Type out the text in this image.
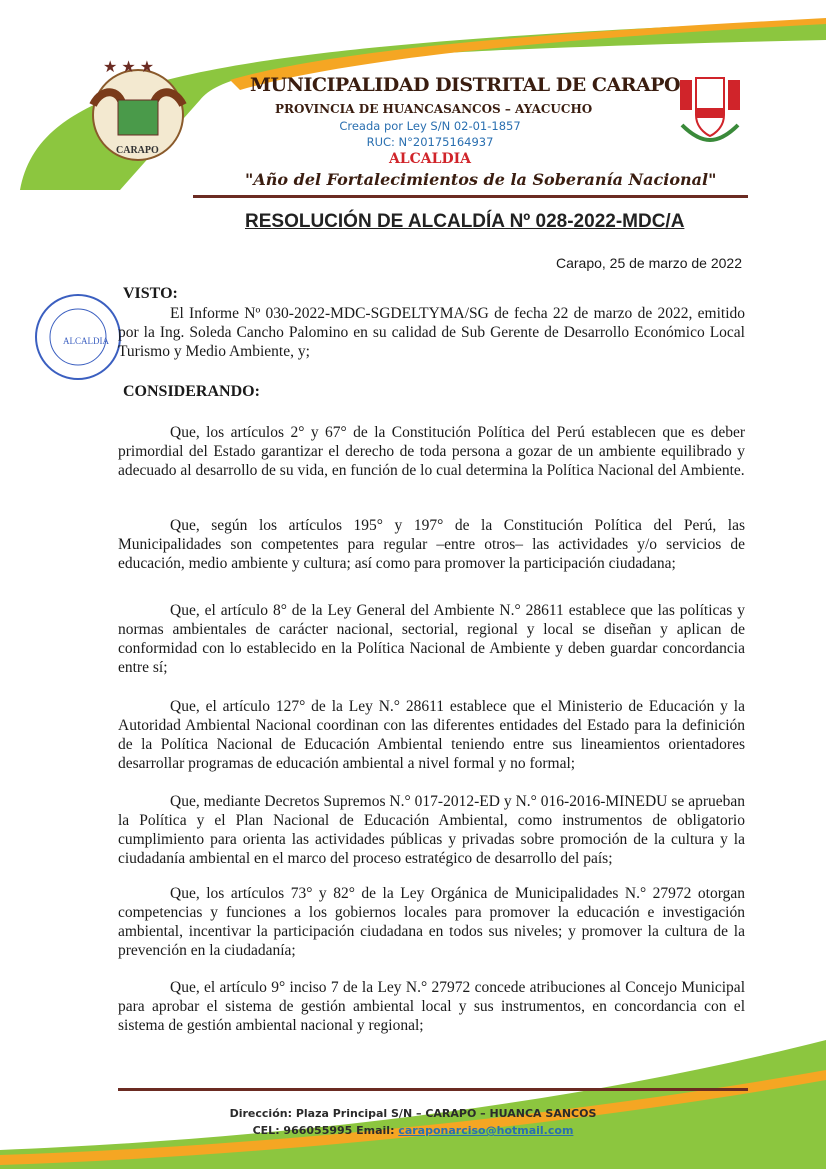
★ ★ ★
CARAPO
MUNICIPALIDAD DISTRITAL DE CARAPO
PROVINCIA DE HUANCASANCOS – AYACUCHO
Creada por Ley S/N 02-01-1857
RUC: N°20175164937
ALCALDIA
"Año del Fortalecimientos de la Soberanía Nacional"
RESOLUCIÓN DE ALCALDÍA Nº 028-2022-MDC/A
Carapo, 25 de marzo de 2022
ALCALDIA
VISTO:
El Informe Nº 030-2022-MDC-SGDELTYMA/SG de fecha 22 de marzo de 2022, emitido por la Ing. Soleda Cancho Palomino en su calidad de Sub Gerente de Desarrollo Económico Local Turismo y Medio Ambiente, y;
CONSIDERANDO:
Que, los artículos 2° y 67° de la Constitución Política del Perú establecen que es deber primordial del Estado garantizar el derecho de toda persona a gozar de un ambiente equilibrado y adecuado al desarrollo de su vida, en función de lo cual determina la Política Nacional del Ambiente.
Que, según los artículos 195° y 197° de la Constitución Política del Perú, las Municipalidades son competentes para regular –entre otros– las actividades y/o servicios de educación, medio ambiente y cultura; así como para promover la participación ciudadana;
Que, el artículo 8° de la Ley General del Ambiente N.° 28611 establece que las políticas y normas ambientales de carácter nacional, sectorial, regional y local se diseñan y aplican de conformidad con lo establecido en la Política Nacional de Ambiente y deben guardar concordancia entre sí;
Que, el artículo 127° de la Ley N.° 28611 establece que el Ministerio de Educación y la Autoridad Ambiental Nacional coordinan con las diferentes entidades del Estado para la definición de la Política Nacional de Educación Ambiental teniendo entre sus lineamientos orientadores desarrollar programas de educación ambiental a nivel formal y no formal;
Que, mediante Decretos Supremos N.° 017-2012-ED y N.° 016-2016-MINEDU se aprueban la Política y el Plan Nacional de Educación Ambiental, como instrumentos de obligatorio cumplimiento para orienta las actividades públicas y privadas sobre promoción de la cultura y la ciudadanía ambiental en el marco del proceso estratégico de desarrollo del país;
Que, los artículos 73° y 82° de la Ley Orgánica de Municipalidades N.° 27972 otorgan competencias y funciones a los gobiernos locales para promover la educación e investigación ambiental, incentivar la participación ciudadana en todos sus niveles; y promover la cultura de la prevención en la ciudadanía;
Que, el artículo 9° inciso 7 de la Ley N.° 27972 concede atribuciones al Concejo Municipal para aprobar el sistema de gestión ambiental local y sus instrumentos, en concordancia con el sistema de gestión ambiental nacional y regional;
Dirección: Plaza Principal S/N – CARAPO – HUANCA SANCOS
CEL: 966055995 Email: caraponarciso@hotmail.com
